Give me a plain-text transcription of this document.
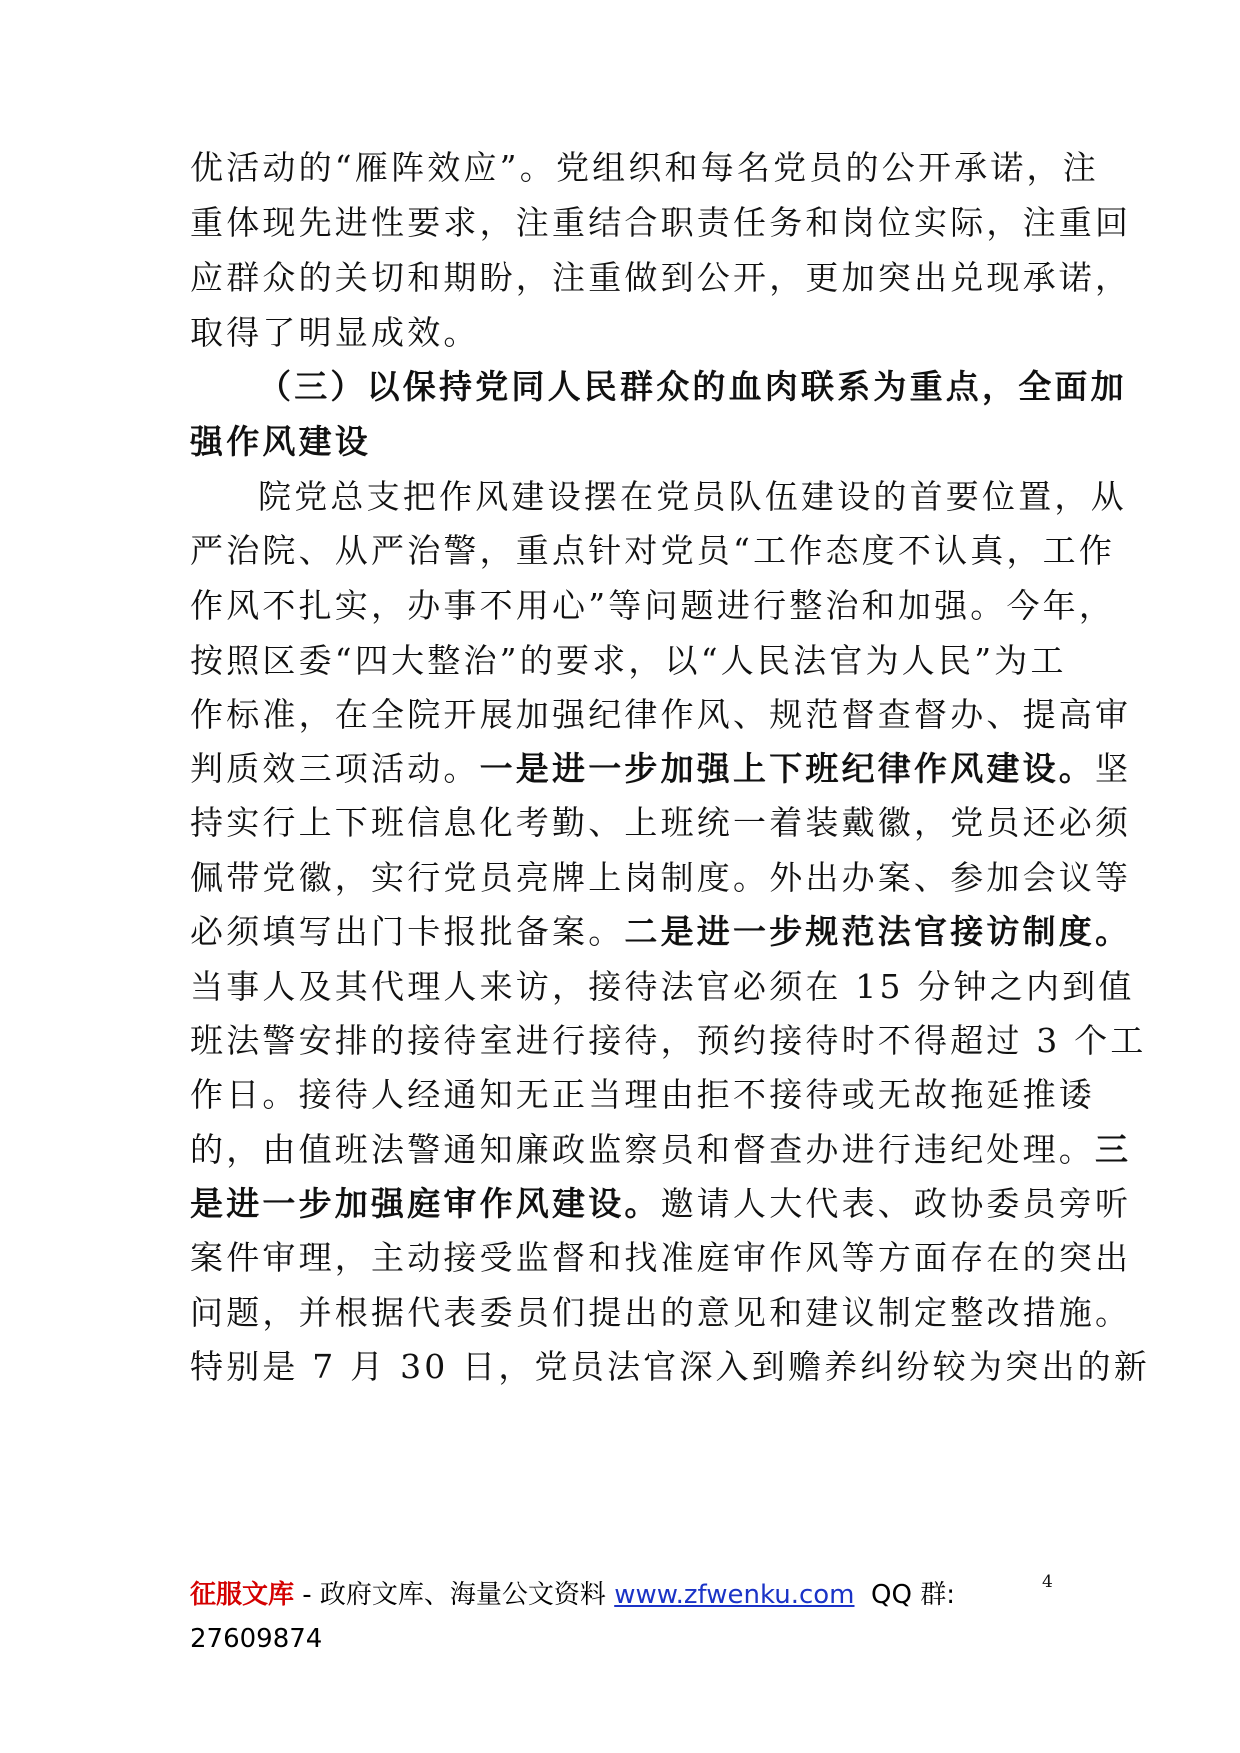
优活动的“雁阵效应”。党组织和每名党员的公开承诺，注
重体现先进性要求，注重结合职责任务和岗位实际，注重回
应群众的关切和期盼，注重做到公开，更加突出兑现承诺，
取得了明显成效。
（三）以保持党同人民群众的血肉联系为重点，全面加
强作风建设
院党总支把作风建设摆在党员队伍建设的首要位置，从
严治院、从严治警，重点针对党员“工作态度不认真，工作
作风不扎实，办事不用心”等问题进行整治和加强。今年，
按照区委“四大整治”的要求，以“人民法官为人民”为工
作标准，在全院开展加强纪律作风、规范督查督办、提高审
判质效三项活动。一是进一步加强上下班纪律作风建设。坚
持实行上下班信息化考勤、上班统一着装戴徽，党员还必须
佩带党徽，实行党员亮牌上岗制度。外出办案、参加会议等
必须填写出门卡报批备案。二是进一步规范法官接访制度。
当事人及其代理人来访，接待法官必须在 15 分钟之内到值
班法警安排的接待室进行接待，预约接待时不得超过 3 个工
作日。接待人经通知无正当理由拒不接待或无故拖延推诿
的，由值班法警通知廉政监察员和督查办进行违纪处理。三
是进一步加强庭审作风建设。邀请人大代表、政协委员旁听
案件审理，主动接受监督和找准庭审作风等方面存在的突出
问题，并根据代表委员们提出的意见和建议制定整改措施。
特别是 7 月 30 日，党员法官深入到赡养纠纷较为突出的新
4
征服文库 - 政府文库、海量公文资料 www.zfwenku.com  QQ 群:
27609874
